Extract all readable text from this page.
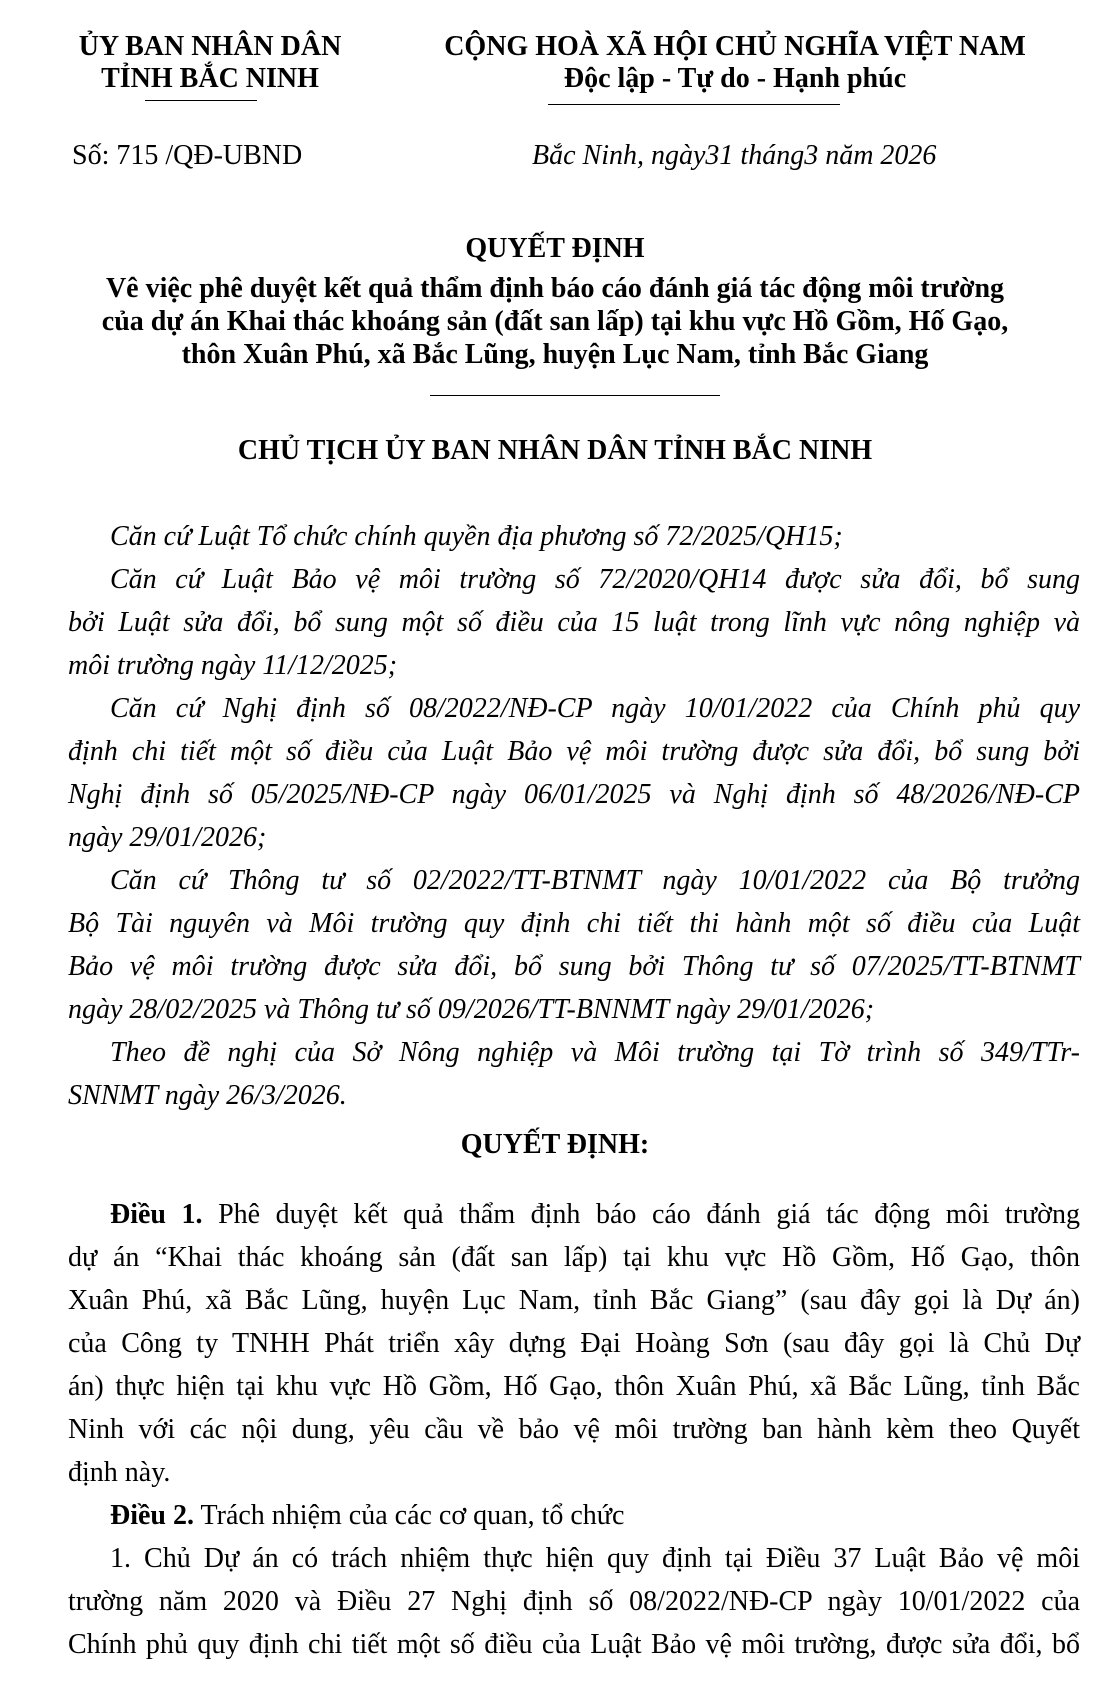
ỦY BAN NHÂN DÂN
TỈNH BẮC NINH
CỘNG HOÀ XÃ HỘI CHỦ NGHĨA VIỆT NAM
Độc lập - Tự do - Hạnh phúc
Số: 715 /QĐ-UBND	Bắc Ninh, ngày31 tháng3 năm 2026
QUYẾT ĐỊNH
Vê việc phê duyệt kết quả thẩm định báo cáo đánh giá tác động môi trường
của dự án Khai thác khoáng sản (đất san lấp) tại khu vực Hồ Gồm, Hố Gạo,
thôn Xuân Phú, xã Bắc Lũng, huyện Lục Nam, tỉnh Bắc Giang
CHỦ TỊCH ỦY BAN NHÂN DÂN TỈNH BẮC NINH
Căn cứ Luật Tổ chức chính quyền địa phương số 72/2025/QH15;
Căn cứ Luật Bảo vệ môi trường số 72/2020/QH14 được sửa đổi, bổ sung
bởi Luật sửa đổi, bổ sung một số điều của 15 luật trong lĩnh vực nông nghiệp và
môi trường ngày 11/12/2025;
Căn cứ Nghị định số 08/2022/NĐ-CP ngày 10/01/2022 của Chính phủ quy
định chi tiết một số điều của Luật Bảo vệ môi trường được sửa đổi, bổ sung bởi
Nghị định số 05/2025/NĐ-CP ngày 06/01/2025 và Nghị định số 48/2026/NĐ-CP
ngày 29/01/2026;
Căn cứ Thông tư số 02/2022/TT-BTNMT ngày 10/01/2022 của Bộ trưởng
Bộ Tài nguyên và Môi trường quy định chi tiết thi hành một số điều của Luật
Bảo vệ môi trường được sửa đổi, bổ sung bởi Thông tư số 07/2025/TT-BTNMT
ngày 28/02/2025 và Thông tư số 09/2026/TT-BNNMT ngày 29/01/2026;
Theo đề nghị của Sở Nông nghiệp và Môi trường tại Tờ trình số 349/TTr-
SNNMT ngày 26/3/2026.
QUYẾT ĐỊNH:
Điều 1. Phê duyệt kết quả thẩm định báo cáo đánh giá tác động môi trường
dự án “Khai thác khoáng sản (đất san lấp) tại khu vực Hồ Gồm, Hố Gạo, thôn
Xuân Phú, xã Bắc Lũng, huyện Lục Nam, tỉnh Bắc Giang” (sau đây gọi là Dự án)
của Công ty TNHH Phát triển xây dựng Đại Hoàng Sơn (sau đây gọi là Chủ Dự
án) thực hiện tại khu vực Hồ Gồm, Hố Gạo, thôn Xuân Phú, xã Bắc Lũng, tỉnh Bắc
Ninh với các nội dung, yêu cầu về bảo vệ môi trường ban hành kèm theo Quyết
định này.
Điều 2. Trách nhiệm của các cơ quan, tổ chức
1. Chủ Dự án có trách nhiệm thực hiện quy định tại Điều 37 Luật Bảo vệ môi
trường năm 2020 và Điều 27 Nghị định số 08/2022/NĐ-CP ngày 10/01/2022 của
Chính phủ quy định chi tiết một số điều của Luật Bảo vệ môi trường, được sửa đổi, bổ
